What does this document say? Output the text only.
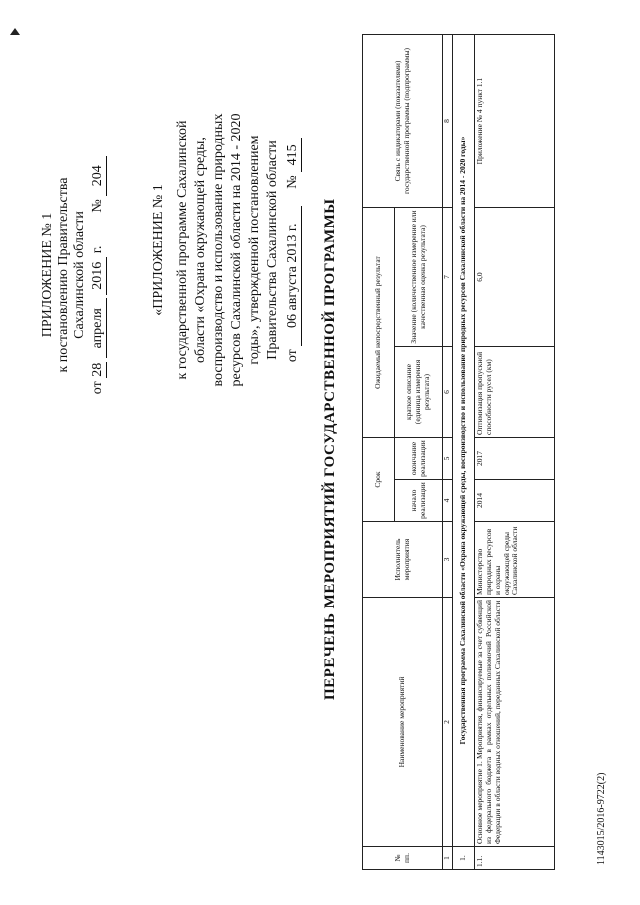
ПРИЛОЖЕНИЕ № 1 к постановлению Правительства Сахалинской области
от 28 апреля 2016 г.  № 204
«ПРИЛОЖЕНИЕ № 1 к государственной программе Сахалинской области «Охрана окружающей среды, воспроизводство и использование природных ресурсов Сахалинской области на 2014 - 2020 годы», утвержденной постановлением Правительства Сахалинской области от 06 августа 2013 г.  № 415
ПЕРЕЧЕНЬ МЕРОПРИЯТИЙ ГОСУДАРСТВЕННОЙ ПРОГРАММЫ
№ пп.	Наименование мероприятий	Исполнитель мероприятия	Срок		Ожидаемый непосредственный результат		Связь с индикаторами (показателями) государственной программы (подпрограммы)
			начало реализации	окончание реализации	краткое описание (единица измерения результата)	Значение (количественное измерение или качественная оценка результата)	
1	2	3	4	5	6	7	8
1.	Государственная программа Сахалинской области «Охрана окружающей среды, воспроизводство и использование природных ресурсов Сахалинской области на 2014 - 2020 годы»						
1.1.	Основное мероприятие 1. Мероприятия, финансируемые за счет субвенций из федерального бюджета в рамках отдельных полномочий Российской Федерации в области водных отношений, переданных Сахалинской области	Министерство природных ресурсов и охраны окружающей среды Сахалинской области	2014	2017	Оптимизация пропускной способности русел (км)	6,0	Приложение № 4 пункт 1.1
1143015/2016-9722(2)
